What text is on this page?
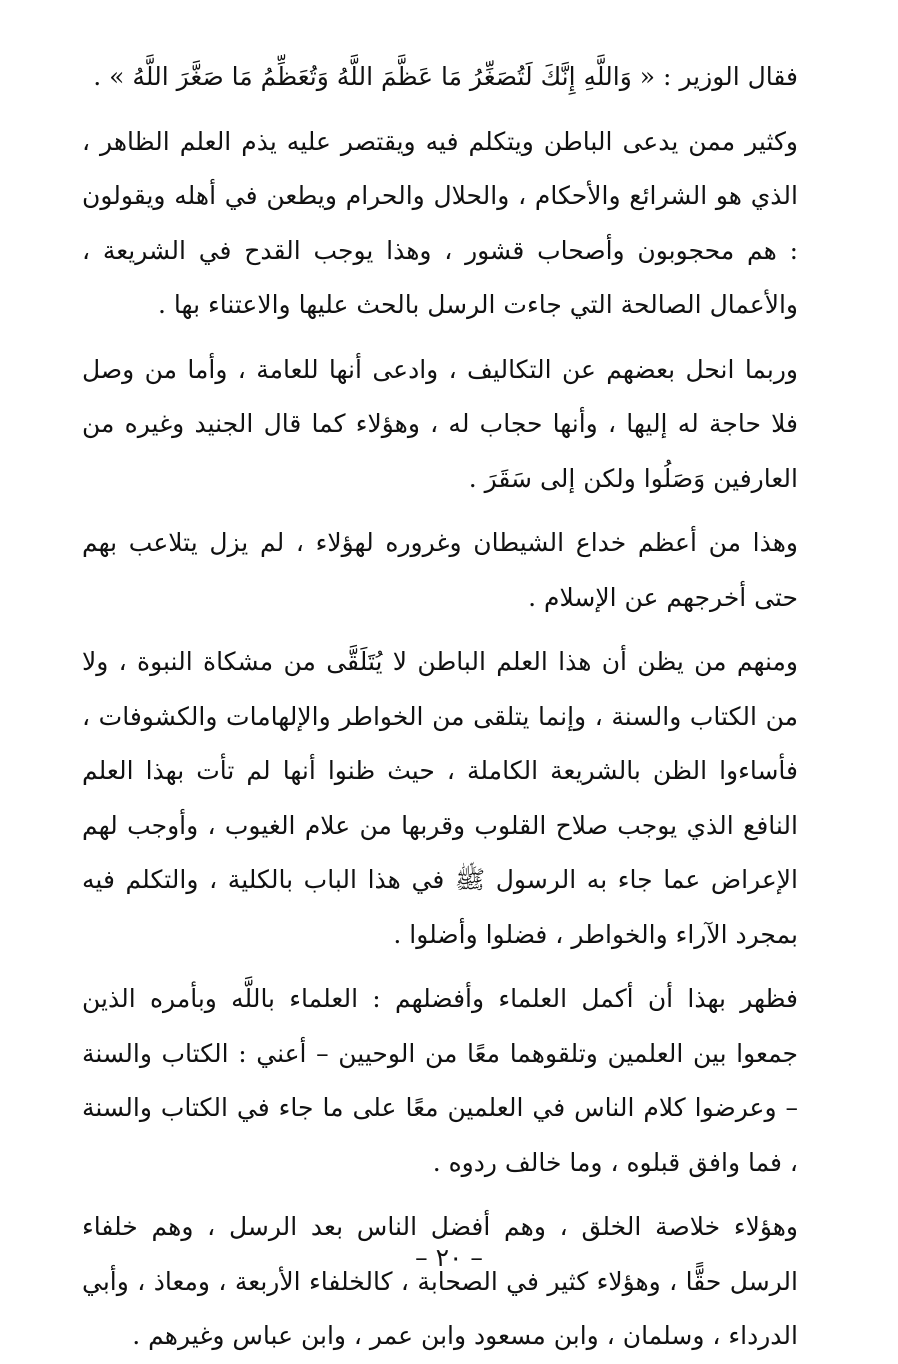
فقال الوزير : « وَاللَّهِ إِنَّكَ لَتُصَغِّرُ مَا عَظَّمَ اللَّهُ وَتُعَظِّمُ مَا صَغَّرَ اللَّهُ » .

وكثير ممن يدعى الباطن ويتكلم فيه ويقتصر عليه يذم العلم الظاهر ، الذي هو الشرائع والأحكام ، والحلال والحرام ويطعن في أهله ويقولون : هم محجوبون وأصحاب قشور ، وهذا يوجب القدح في الشريعة ، والأعمال الصالحة التي جاءت الرسل بالحث عليها والاعتناء بها .

وربما انحل بعضهم عن التكاليف ، وادعى أنها للعامة ، وأما من وصل فلا حاجة له إليها ، وأنها حجاب له ، وهؤلاء كما قال الجنيد وغيره من العارفين وَصَلُوا ولكن إلى سَقَرَ .

وهذا من أعظم خداع الشيطان وغروره لهؤلاء ، لم يزل يتلاعب بهم حتى أخرجهم عن الإسلام .

ومنهم من يظن أن هذا العلم الباطن لا يُتَلَقَّى من مشكاة النبوة ، ولا من الكتاب والسنة ، وإنما يتلقى من الخواطر والإلهامات والكشوفات ، فأساءوا الظن بالشريعة الكاملة ، حيث ظنوا أنها لم تأت بهذا العلم النافع الذي يوجب صلاح القلوب وقربها من علام الغيوب ، وأوجب لهم الإعراض عما جاء به الرسول ﷺ في هذا الباب بالكلية ، والتكلم فيه بمجرد الآراء والخواطر ، فضلوا وأضلوا .

فظهر بهذا أن أكمل العلماء وأفضلهم : العلماء باللَّه وبأمره الذين جمعوا بين العلمين وتلقوهما معًا من الوحيين – أعني : الكتاب والسنة – وعرضوا كلام الناس في العلمين معًا على ما جاء في الكتاب والسنة ، فما وافق قبلوه ، وما خالف ردوه .

وهؤلاء خلاصة الخلق ، وهم أفضل الناس بعد الرسل ، وهم خلفاء الرسل حقًّا ، وهؤلاء كثير في الصحابة ، كالخلفاء الأربعة ، ومعاذ ، وأبي الدرداء ، وسلمان ، وابن مسعود وابن عمر ، وابن عباس وغيرهم .

– ٢٠ –
